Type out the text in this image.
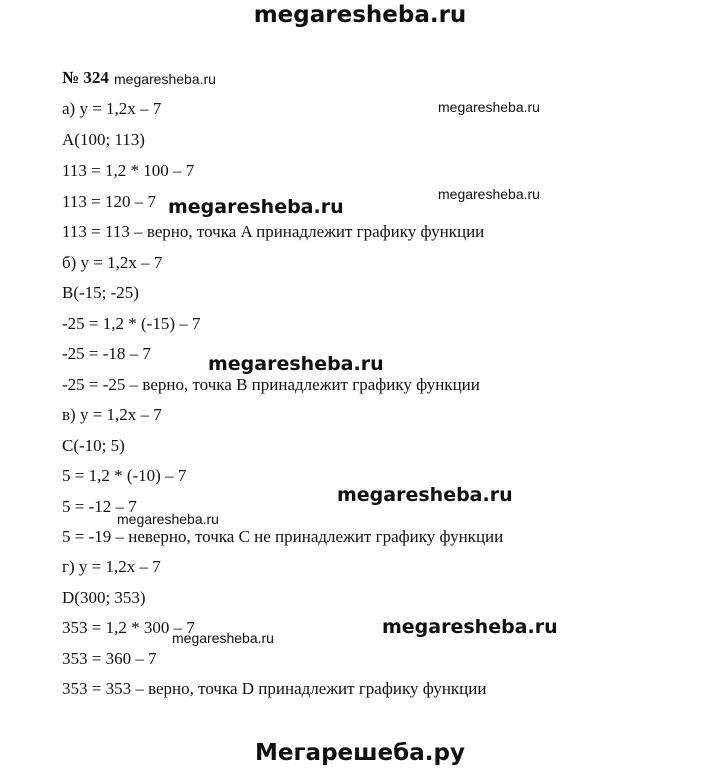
megaresheba.ru
№ 324
а) y = 1,2x – 7
A(100; 113)
113 = 1,2 * 100 – 7
113 = 120 – 7
113 = 113 – верно, точка A принадлежит графику функции
б) y = 1,2x – 7
B(-15; -25)
-25 = 1,2 * (-15) – 7
-25 = -18 – 7
-25 = -25 – верно, точка B принадлежит графику функции
в) y = 1,2x – 7
C(-10; 5)
5 = 1,2 * (-10) – 7
5 = -12 – 7
5 = -19 – неверно, точка C не принадлежит графику функции
г) y = 1,2x – 7
D(300; 353)
353 = 1,2 * 300 – 7
353 = 360 – 7
353 = 353 – верно, точка D принадлежит графику функции
megaresheba.ru
megaresheba.ru
megaresheba.ru
megaresheba.ru
megaresheba.ru
megaresheba.ru
megaresheba.ru
megaresheba.ru
megaresheba.ru
Мегарешеба.ру
